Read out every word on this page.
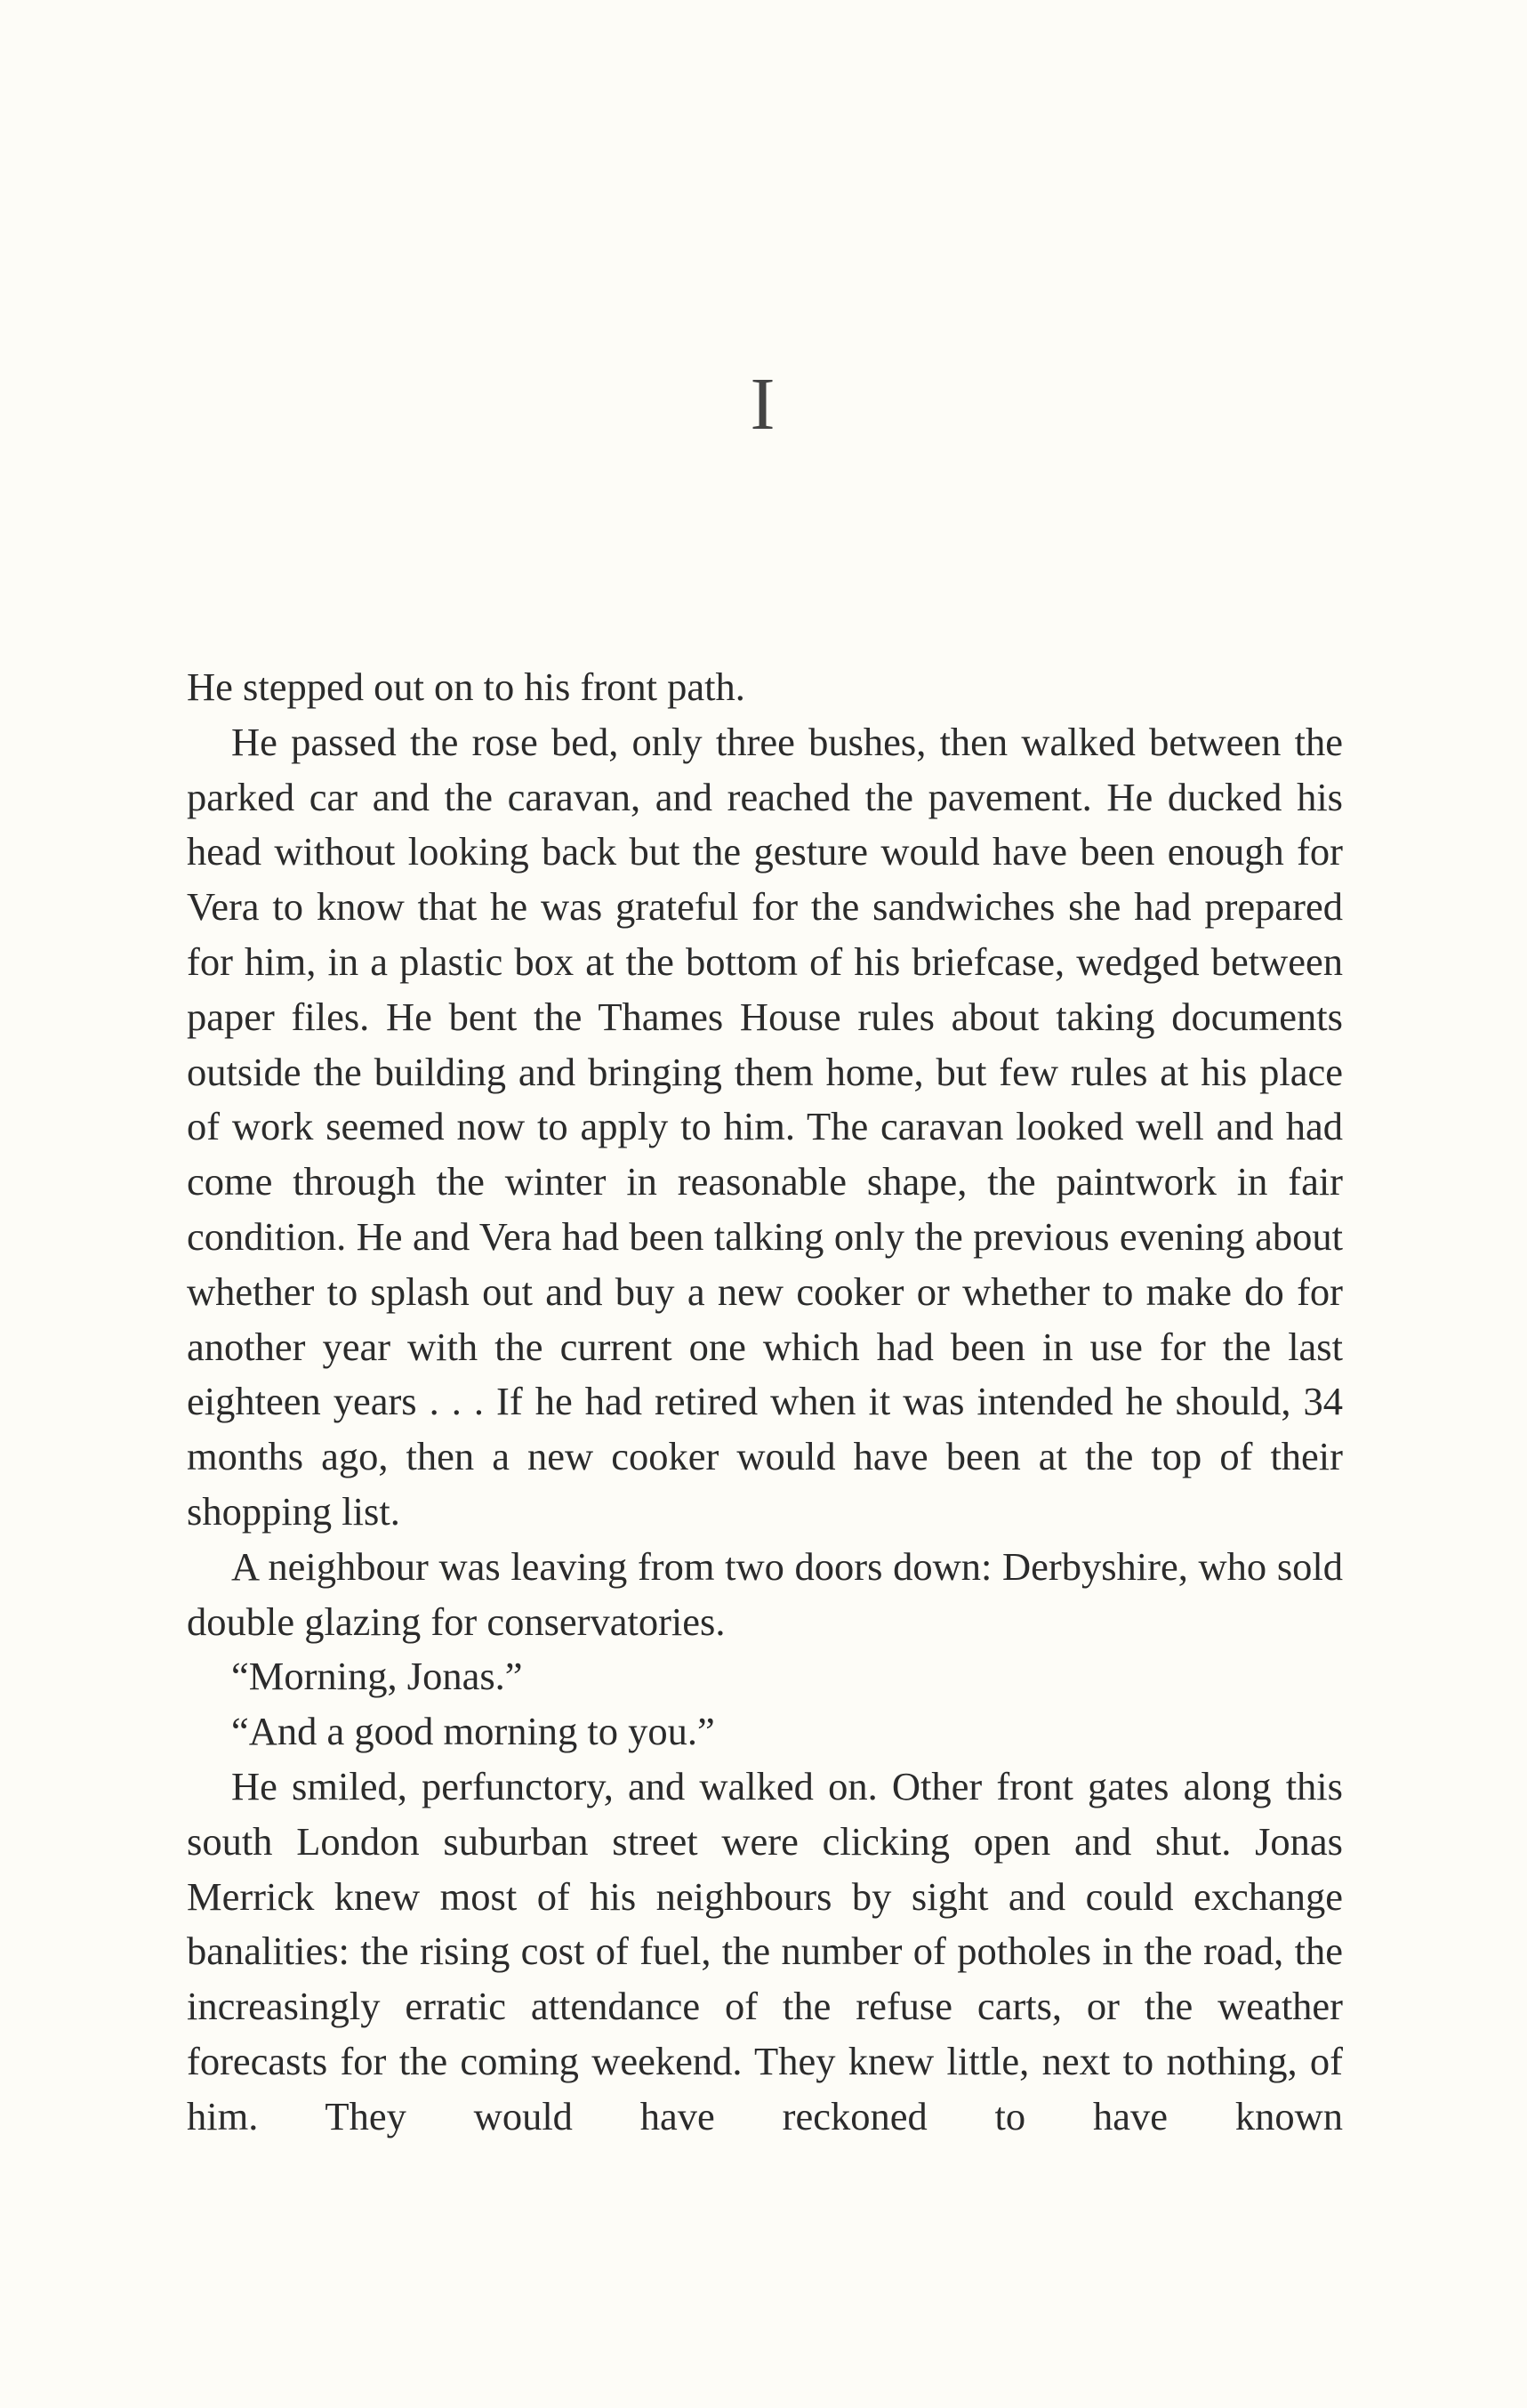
I

He stepped out on to his front path.

He passed the rose bed, only three bushes, then walked between the parked car and the caravan, and reached the pavement. He ducked his head without looking back but the gesture would have been enough for Vera to know that he was grateful for the sandwiches she had prepared for him, in a plastic box at the bottom of his briefcase, wedged between paper files. He bent the Thames House rules about taking documents outside the building and bringing them home, but few rules at his place of work seemed now to apply to him. The caravan looked well and had come through the winter in reasonable shape, the paintwork in fair condition. He and Vera had been talking only the previous evening about whether to splash out and buy a new cooker or whether to make do for another year with the current one which had been in use for the last eighteen years . . . If he had retired when it was intended he should, 34 months ago, then a new cooker would have been at the top of their shopping list.

A neighbour was leaving from two doors down: Derbyshire, who sold double glazing for conservatories.

“Morning, Jonas.”

“And a good morning to you.”

He smiled, perfunctory, and walked on. Other front gates along this south London suburban street were clicking open and shut. Jonas Merrick knew most of his neighbours by sight and could exchange banalities: the rising cost of fuel, the number of potholes in the road, the increasingly erratic attendance of the refuse carts, or the weather forecasts for the coming weekend. They knew little, next to nothing, of him. They would have reckoned to have known
